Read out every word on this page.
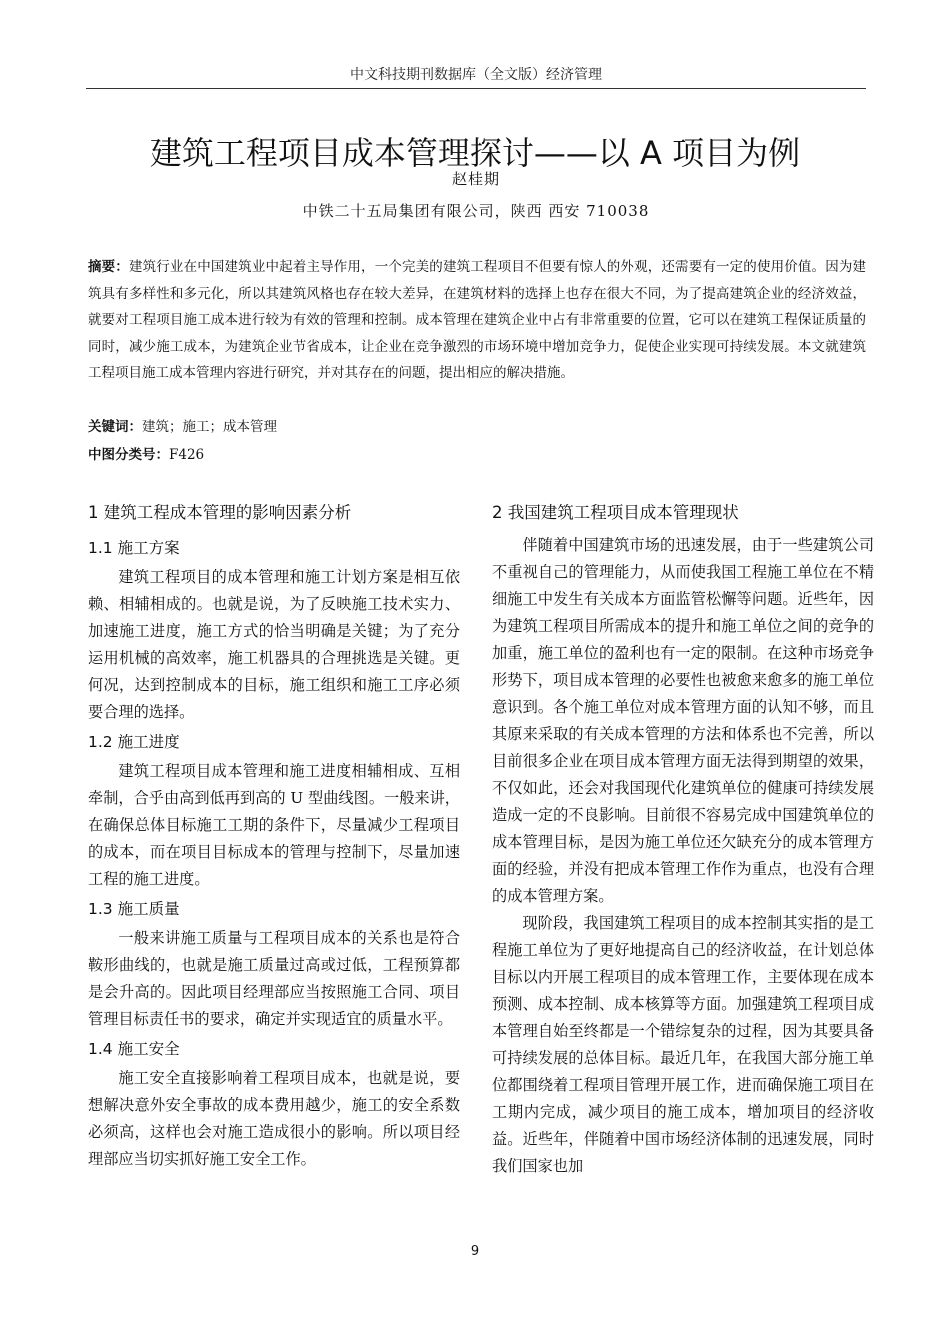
中文科技期刊数据库（全文版）经济管理
建筑工程项目成本管理探讨——以 A 项目为例
赵桂期
中铁二十五局集团有限公司，陕西 西安 710038

摘要：建筑行业在中国建筑业中起着主导作用，一个完美的建筑工程项目不但要有惊人的外观，还需要有一定的使用价值。因为建筑具有多样性和多元化，所以其建筑风格也存在较大差异，在建筑材料的选择上也存在很大不同，为了提高建筑企业的经济效益，就要对工程项目施工成本进行较为有效的管理和控制。成本管理在建筑企业中占有非常重要的位置，它可以在建筑工程保证质量的同时，减少施工成本，为建筑企业节省成本，让企业在竞争激烈的市场环境中增加竞争力，促使企业实现可持续发展。本文就建筑工程项目施工成本管理内容进行研究，并对其存在的问题，提出相应的解决措施。

关键词：建筑；施工；成本管理
中图分类号：F426
1 建筑工程成本管理的影响因素分析
1.1 施工方案

建筑工程项目的成本管理和施工计划方案是相互依赖、相辅相成的。也就是说，为了反映施工技术实力、加速施工进度，施工方式的恰当明确是关键；为了充分运用机械的高效率，施工机器具的合理挑选是关键。更何况，达到控制成本的目标，施工组织和施工工序必须要合理的选择。

1.2 施工进度

建筑工程项目成本管理和施工进度相辅相成、互相牵制，合乎由高到低再到高的 U 型曲线图。一般来讲，在确保总体目标施工工期的条件下，尽量减少工程项目的成本，而在项目目标成本的管理与控制下，尽量加速工程的施工进度。

1.3 施工质量

一般来讲施工质量与工程项目成本的关系也是符合鞍形曲线的，也就是施工质量过高或过低，工程预算都是会升高的。因此项目经理部应当按照施工合同、项目管理目标责任书的要求，确定并实现适宜的质量水平。

1.4 施工安全

施工安全直接影响着工程项目成本，也就是说，要想解决意外安全事故的成本费用越少，施工的安全系数必须高，这样也会对施工造成很小的影响。所以项目经理部应当切实抓好施工安全工作。

2 我国建筑工程项目成本管理现状

伴随着中国建筑市场的迅速发展，由于一些建筑公司不重视自己的管理能力，从而使我国工程施工单位在不精细施工中发生有关成本方面监管松懈等问题。近些年，因为建筑工程项目所需成本的提升和施工单位之间的竞争的加重，施工单位的盈利也有一定的限制。在这种市场竞争形势下，项目成本管理的必要性也被愈来愈多的施工单位意识到。各个施工单位对成本管理方面的认知不够，而且其原来采取的有关成本管理的方法和体系也不完善，所以目前很多企业在项目成本管理方面无法得到期望的效果，不仅如此，还会对我国现代化建筑单位的健康可持续发展造成一定的不良影响。目前很不容易完成中国建筑单位的成本管理目标，是因为施工单位还欠缺充分的成本管理方面的经验，并没有把成本管理工作作为重点，也没有合理的成本管理方案。

现阶段，我国建筑工程项目的成本控制其实指的是工程施工单位为了更好地提高自己的经济收益，在计划总体目标以内开展工程项目的成本管理工作，主要体现在成本预测、成本控制、成本核算等方面。加强建筑工程项目成本管理自始至终都是一个错综复杂的过程，因为其要具备可持续发展的总体目标。最近几年，在我国大部分施工单位都围绕着工程项目管理开展工作，进而确保施工项目在工期内完成，减少项目的施工成本，增加项目的经济收益。近些年，伴随着中国市场经济体制的迅速发展，同时我们国家也加

9
